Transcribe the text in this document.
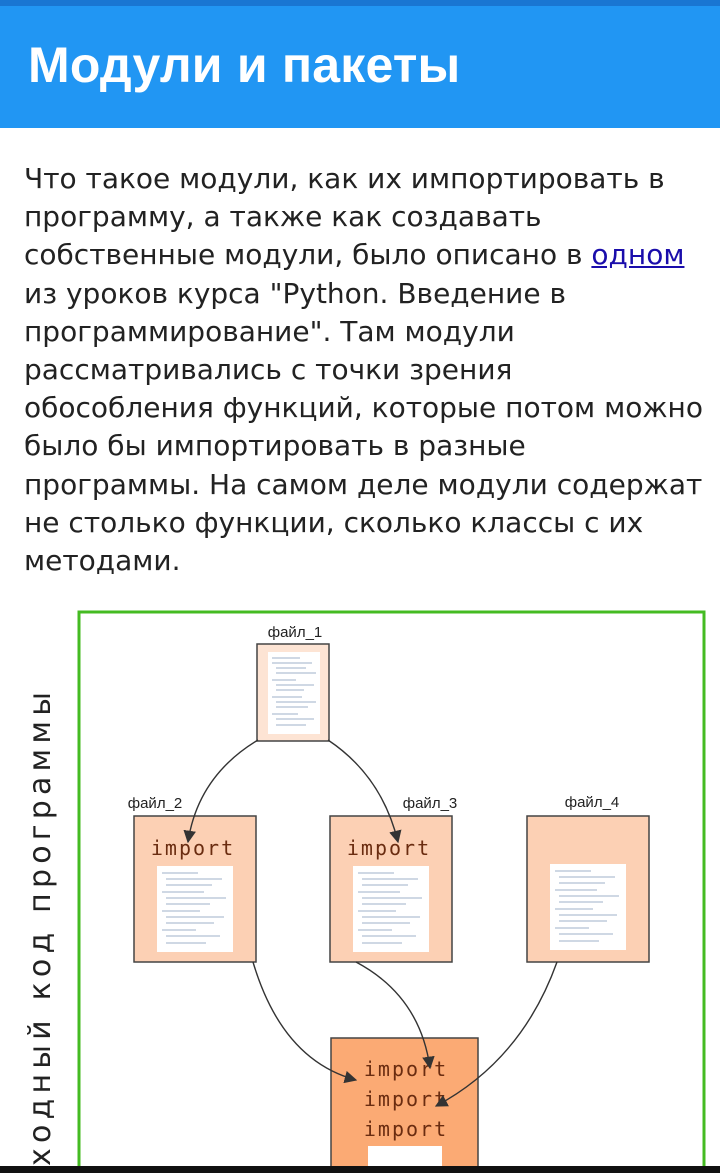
Модули и пакеты

Что такое модули, как их импортировать в программу, а также как создавать собственные модули, было описано в одном из уроков курса "Python. Введение в программирование". Там модули рассматривались с точки зрения обособления функций, которые потом можно было бы импортировать в разные программы. На самом деле модули содержат не столько функции, сколько классы с их методами.

ходный код программы
файл_1
файл_2	файл_3	файл_4
import	import
import
import
import
